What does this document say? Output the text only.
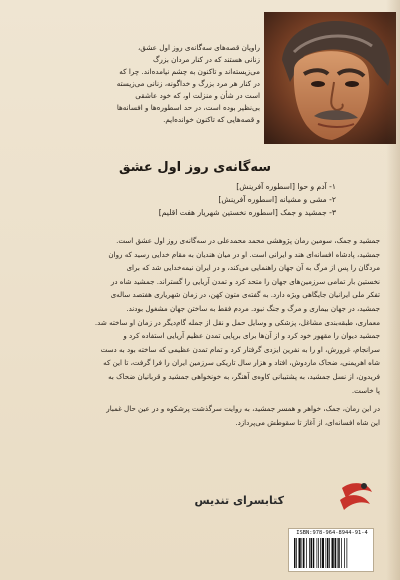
راویان قصه‌های سه‌گانه‌ی روز اول عشق،
زنانی هستند که در کنار مردان بزرگ
می‌زیسته‌اند و تاکنون به چشم نیامده‌اند. چرا که
در کنار هر مرد بزرگ و خداگونه، زنانی می‌زیسته
است در شأن و منزلت او، که خود عاشقی
بی‌نظیر بوده است، در حد اسطوره‌ها و افسانه‌ها
و قصه‌هایی که تاکنون خوانده‌ایم.
سه‌گانه‌ی روز اول عشق
۱- آدم و حوا [اسطوره آفرینش]
۲- مشی و مشیانه [اسطوره آفرینش]
۳- جمشید و جمک [اسطوره نخستین شهریار هفت اقلیم]
جمشید و جمک، سومین رمان پژوهشی محمد محمدعلی در سه‌گانه‌ی روز اول عشق است.
جمشید، پادشاه افسانه‌ای هند و ایرانی است. او در میان هندیان به مقام خدایی رسید که روان
مردگان را پس از مرگ به آن جهان راهنمایی می‌کند، و در ایران نیمه‌خدایی شد که برای
نخستین بار تمامی سرزمین‌های جهان را متحد کرد و تمدن آریایی را گستراند. جمشید شاه در
تفکر ملی ایرانیان جایگاهی ویژه دارد. به گفته‌ی متون کهن، در زمان شهریاری هفتصد ساله‌ی
جمشید، در جهان بیماری و مرگ و جنگ نبود. مردم فقط به ساختن جهان مشغول بودند.
معماری، طبقه‌بندی مشاغل، پزشکی و وسایل حمل و نقل از جمله گام‌دیگر در زمان او ساخته شد.
جمشید دیوان را مقهور خود کرد و از آن‌ها برای برپایی تمدن عظیم آریایی استفاده کرد و
سرانجام، غرورش، او را به نفرین ایزدی گرفتار کرد و تمام تمدن عظیمی که ساخته بود به دست
شاه اهریمنی، ضحاک ماردوش، افتاد و هزار سال تاریکی سرزمین ایران را فرا گرفت، تا این که
فریدون، از نسل جمشید، به پشتیبانی کاوه‌ی آهنگر، به خونخواهی جمشید و قربانیان ضحاک به
پا خاست.
در این رمان، جمک، خواهر و همسر جمشید، به روایت سرگذشت پرشکوه و در عین حال غمبار
این شاه افسانه‌ای، از آغاز تا سقوطش می‌پردازد.
کتابسرای تندیس
ISBN:978-964-8944-91-4
